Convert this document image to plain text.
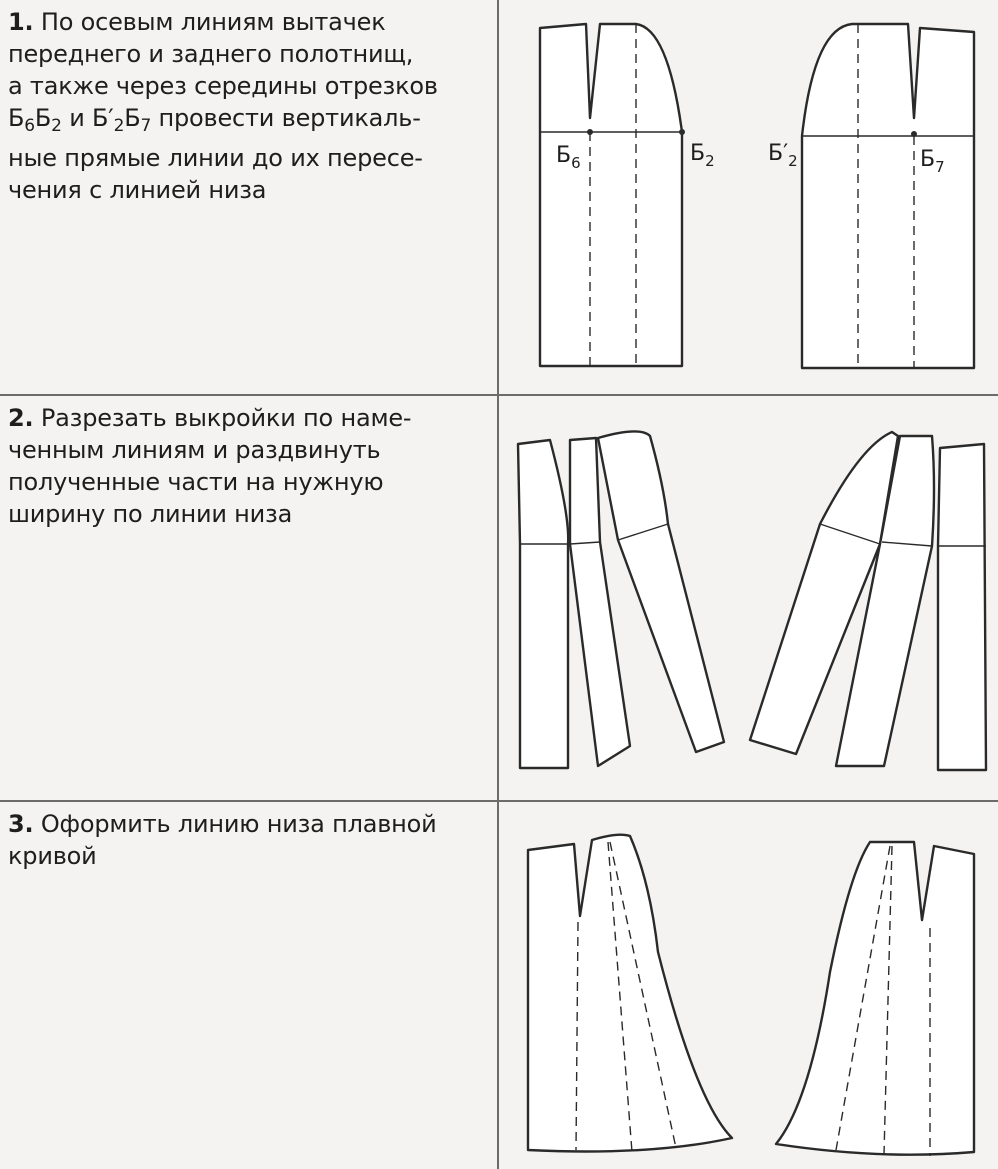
1. По осевым линиям вытачек
переднего и заднего полотнищ,
а также через середины отрезков
$Б_6Б_2$ и $Б'_2Б_7$ провести вертикаль-
ные прямые линии до их пересе-
чения с линией низа
$Б_6$	$Б_2$ $Б'_2$	$Б_7$
2. Разрезать выкройки по наме-
ченным линиям и раздвинуть
полученные части на нужную
ширину по линии низа
3. Оформить линию низа плавной
кривой
